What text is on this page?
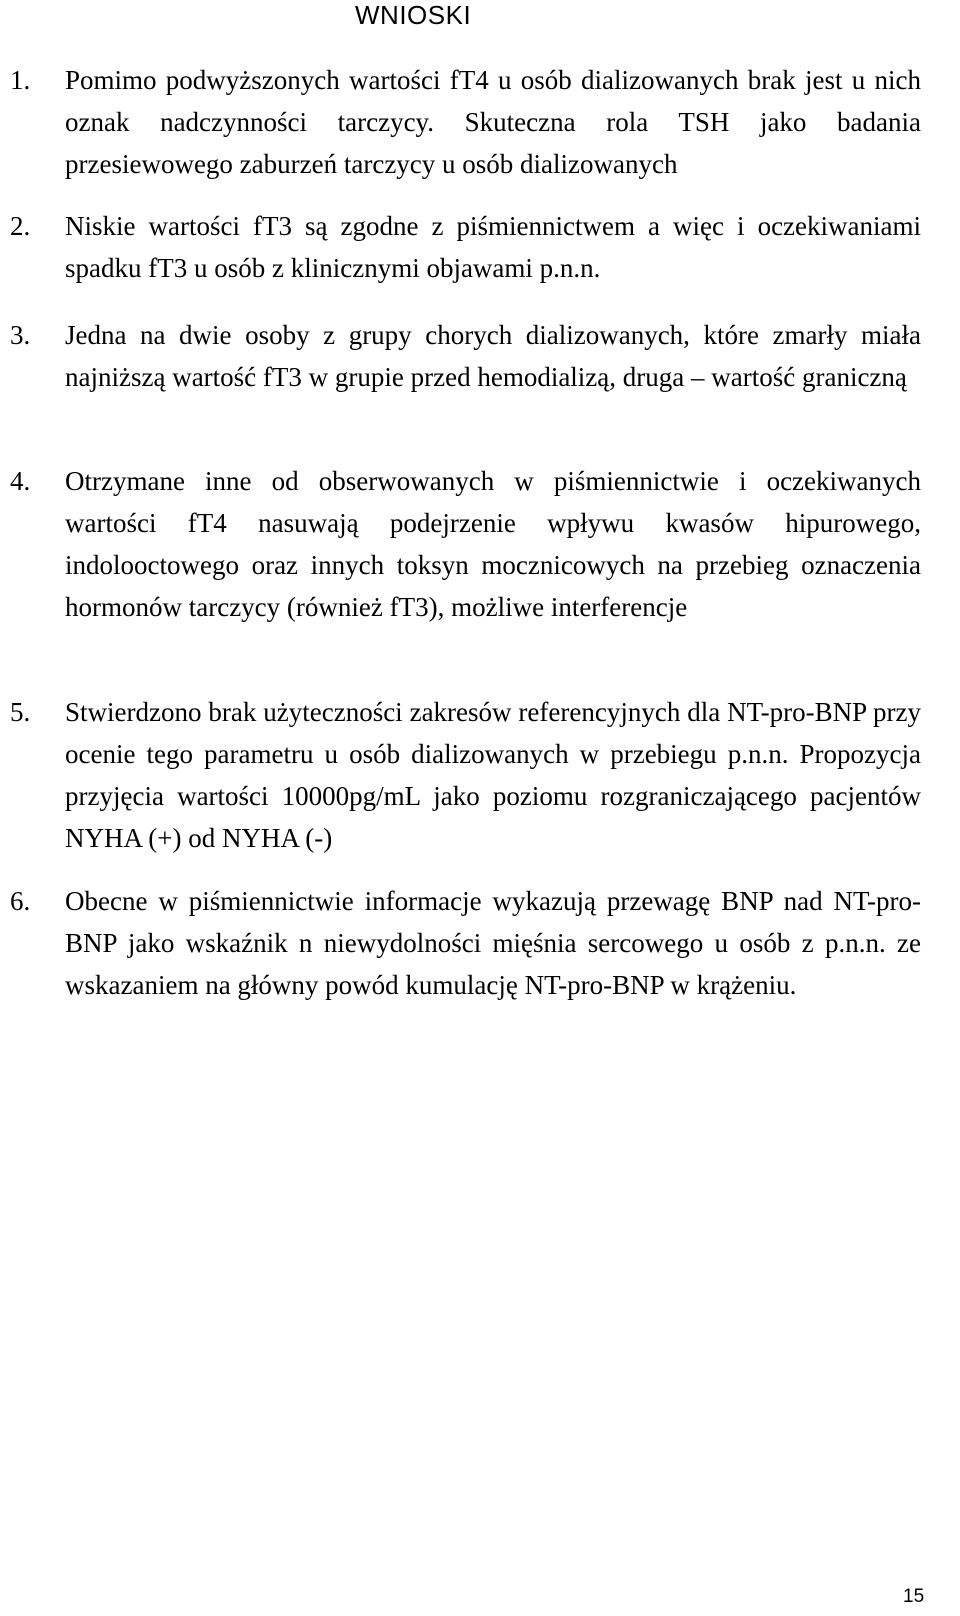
WNIOSKI
1. Pomimo podwyższonych wartości fT4 u osób dializowanych brak jest u nich oznak nadczynności tarczycy. Skuteczna rola TSH jako badania przesiewowego zaburzeń tarczycy u osób dializowanych
2. Niskie wartości fT3 są zgodne z piśmiennictwem a więc i oczekiwaniami spadku fT3 u osób z klinicznymi objawami p.n.n.
3. Jedna na dwie osoby z grupy chorych dializowanych, które zmarły miała najniższą wartość fT3 w grupie przed hemodializą, druga – wartość graniczną
4. Otrzymane inne od obserwowanych w piśmiennictwie i oczekiwanych wartości fT4 nasuwają podejrzenie wpływu kwasów hipurowego, indolooctowego oraz innych toksyn mocznicowych na przebieg oznaczenia hormonów tarczycy (również fT3), możliwe interferencje
5. Stwierdzono brak użyteczności zakresów referencyjnych dla NT-pro-BNP przy ocenie tego parametru u osób dializowanych w przebiegu p.n.n. Propozycja przyjęcia wartości 10000pg/mL jako poziomu rozgraniczającego pacjentów NYHA (+) od NYHA (-)
6. Obecne w piśmiennictwie informacje wykazują przewagę BNP nad NT-pro-BNP jako wskaźnik n niewydolności mięśnia sercowego u osób z p.n.n. ze wskazaniem na główny powód kumulację NT-pro-BNP w krążeniu.
15
